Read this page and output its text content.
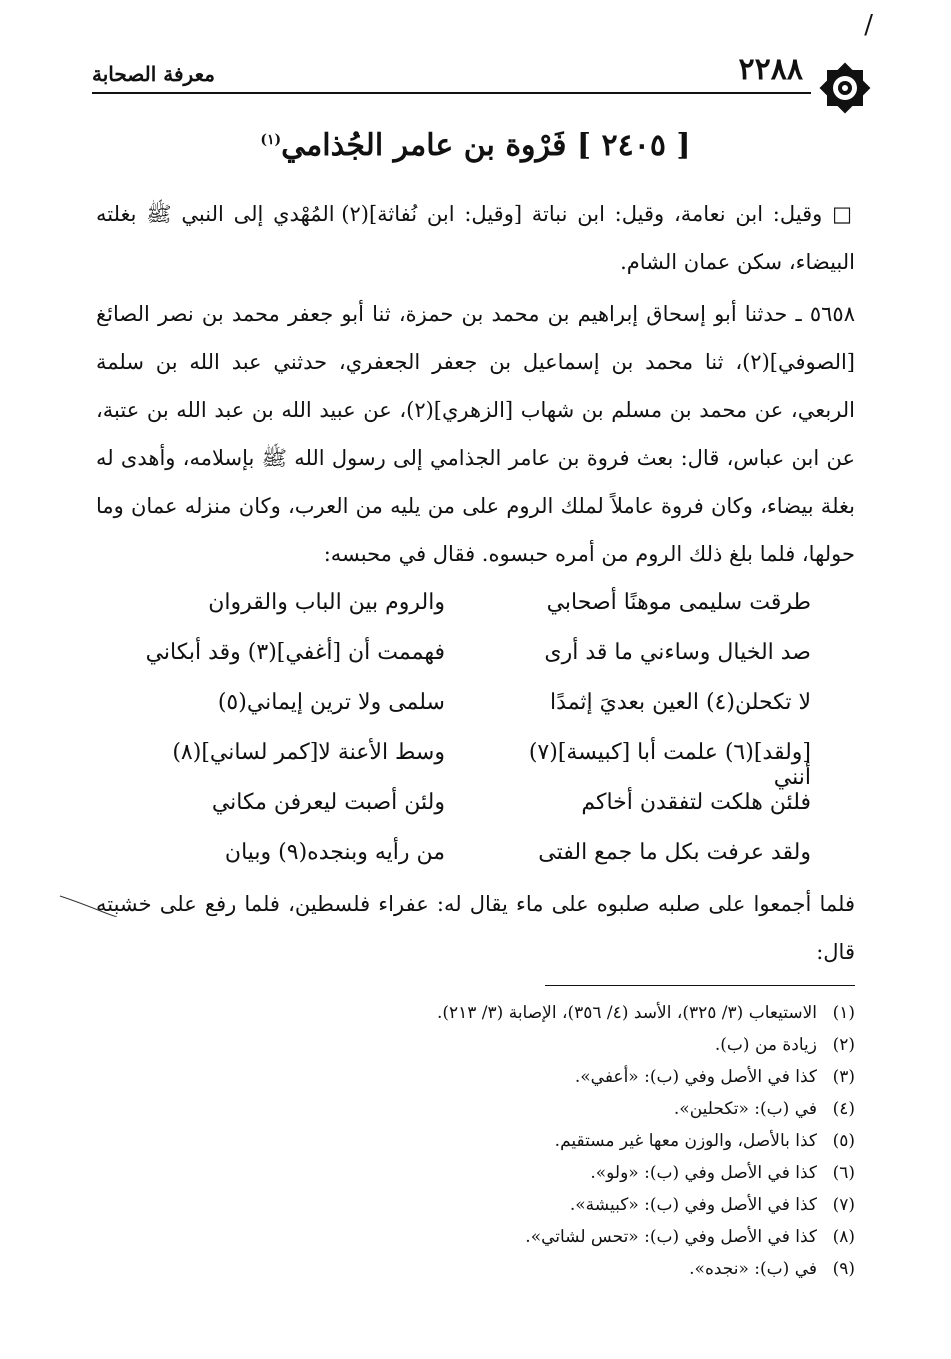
/
٢٢٨٨
معرفة الصحابة
[ ٢٤٠٥ ] فَرْوة بن عامر الجُذامي$^{(١)}$
□ وقيل: ابن نعامة، وقيل: ابن نباتة [وقيل: ابن نُفاثة](٢) المُهْدي إلى النبي ﷺ بغلته البيضاء، سكن عمان الشام.
٥٦٥٨ ـ حدثنا أبو إسحاق إبراهيم بن محمد بن حمزة، ثنا أبو جعفر محمد بن نصر الصائغ [الصوفي](٢)، ثنا محمد بن إسماعيل بن جعفر الجعفري، حدثني عبد الله بن سلمة الربعي، عن محمد بن مسلم بن شهاب [الزهري](٢)، عن عبيد الله بن عبد الله بن عتبة، عن ابن عباس، قال: بعث فروة بن عامر الجذامي إلى رسول الله ﷺ بإسلامه، وأهدى له بغلة بيضاء، وكان فروة عاملاً لملك الروم على من يليه من العرب، وكان منزله عمان وما حولها، فلما بلغ ذلك الروم من أمره حبسوه. فقال في محبسه:
طرقت سليمى موهنًا أصحابي
والروم بين الباب والقروان
صد الخيال وساءني ما قد أرى
فهممت أن [أغفي](٣) وقد أبكاني
لا تكحلن(٤) العين بعديَ إثمدًا
سلمى ولا ترين إيماني(٥)
[ولقد](٦) علمت أبا [كبيسة](٧) أنني
وسط الأعنة لا[كمر لساني](٨)
فلئن هلكت لتفقدن أخاكم
ولئن أصبت ليعرفن مكاني
ولقد عرفت بكل ما جمع الفتى
من رأيه وبنجده(٩) وبيان
فلما أجمعوا على صلبه صلبوه على ماء يقال له: عفراء فلسطين، فلما رفع على خشبته قال:
(١)
الاستيعاب (٣/ ٣٢٥)، الأسد (٤/ ٣٥٦)، الإصابة (٣/ ٢١٣).
(٢)
زيادة من (ب).
(٣)
كذا في الأصل وفي (ب): «أعفي».
(٤)
في (ب): «تكحلين».
(٥)
كذا بالأصل، والوزن معها غير مستقيم.
(٦)
كذا في الأصل وفي (ب): «ولو».
(٧)
كذا في الأصل وفي (ب): «كبيشة».
(٨)
كذا في الأصل وفي (ب): «تحس لشاتي».
(٩)
في (ب): «نجده».
